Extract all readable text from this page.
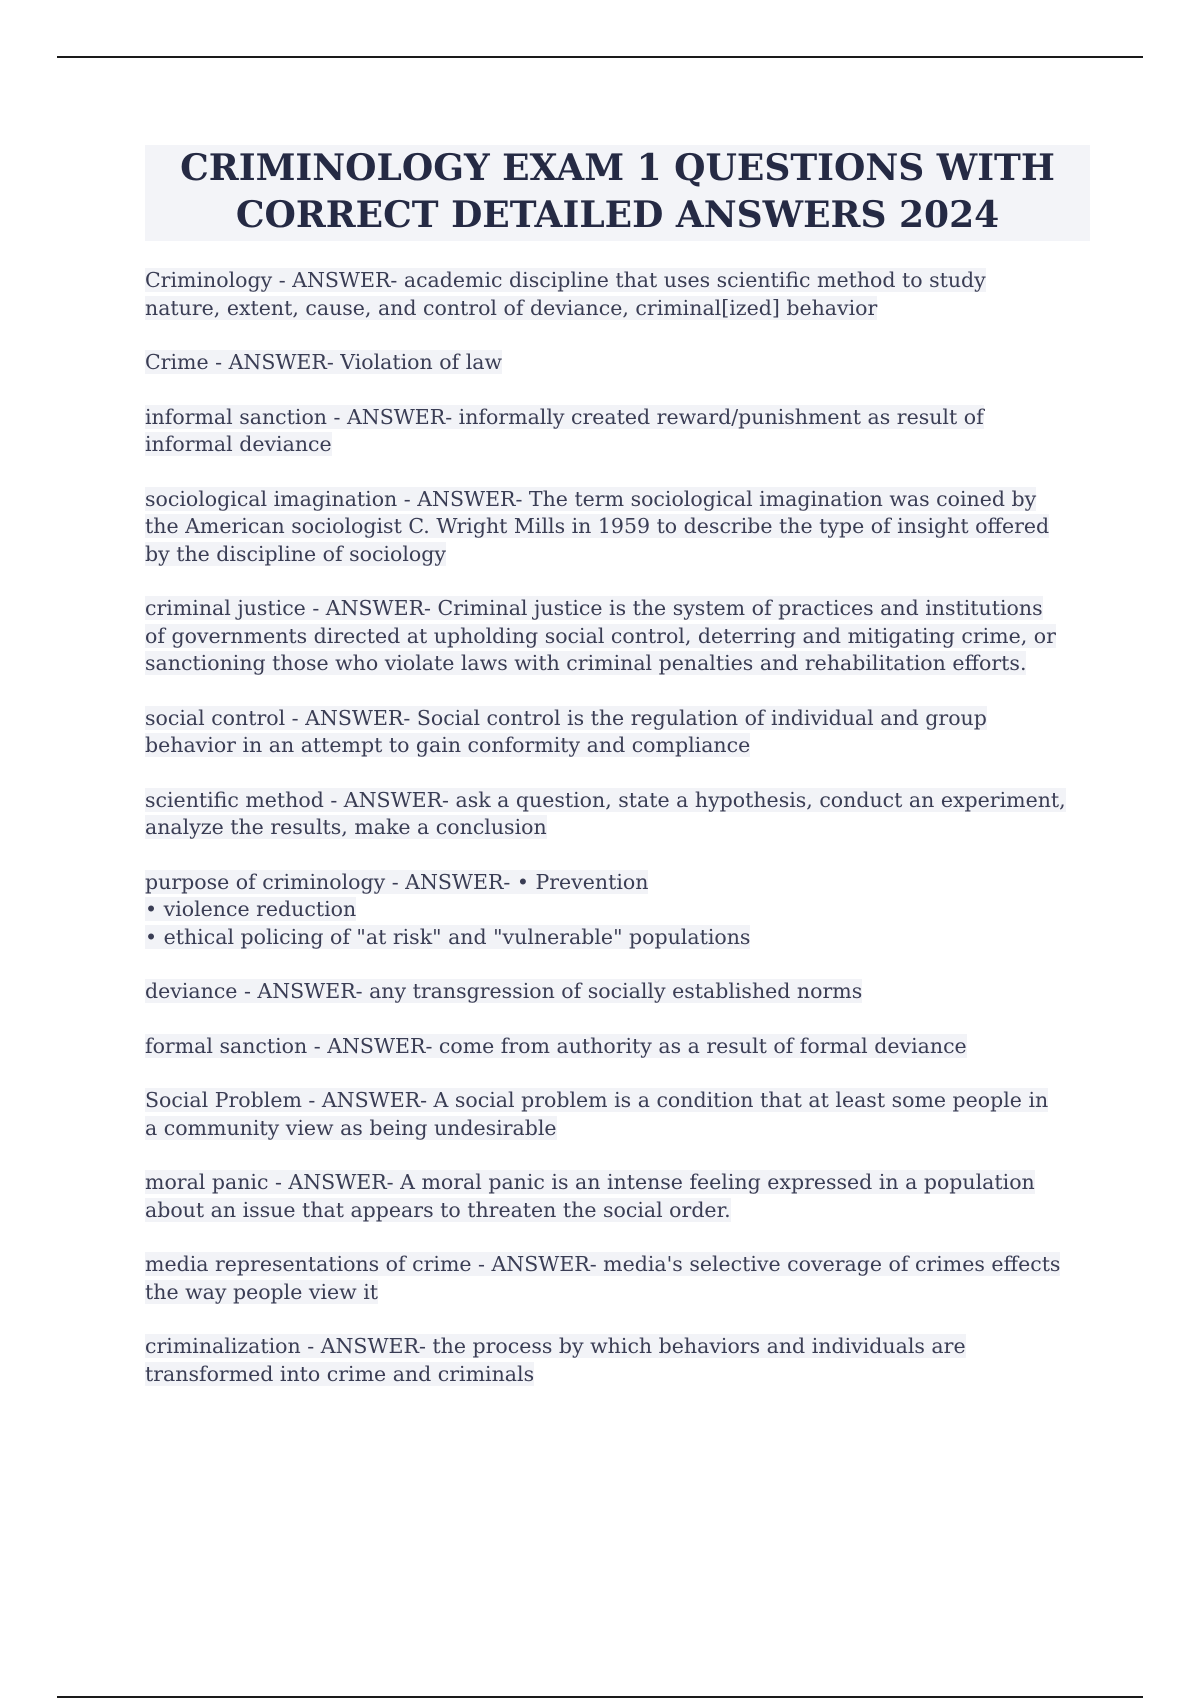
CRIMINOLOGY EXAM 1 QUESTIONS WITH
CORRECT DETAILED ANSWERS 2024
Criminology - ANSWER- academic discipline that uses scientific method to study
nature, extent, cause, and control of deviance, criminal[ized] behavior
Crime - ANSWER- Violation of law
informal sanction - ANSWER- informally created reward/punishment as result of
informal deviance
sociological imagination - ANSWER- The term sociological imagination was coined by
the American sociologist C. Wright Mills in 1959 to describe the type of insight offered
by the discipline of sociology
criminal justice - ANSWER- Criminal justice is the system of practices and institutions
of governments directed at upholding social control, deterring and mitigating crime, or
sanctioning those who violate laws with criminal penalties and rehabilitation efforts.
social control - ANSWER- Social control is the regulation of individual and group
behavior in an attempt to gain conformity and compliance
scientific method - ANSWER- ask a question, state a hypothesis, conduct an experiment,
analyze the results, make a conclusion
purpose of criminology - ANSWER- • Prevention
• violence reduction
• ethical policing of "at risk" and "vulnerable" populations
deviance - ANSWER- any transgression of socially established norms
formal sanction - ANSWER- come from authority as a result of formal deviance
Social Problem - ANSWER- A social problem is a condition that at least some people in
a community view as being undesirable
moral panic - ANSWER- A moral panic is an intense feeling expressed in a population
about an issue that appears to threaten the social order.
media representations of crime - ANSWER- media's selective coverage of crimes effects
the way people view it
criminalization - ANSWER- the process by which behaviors and individuals are
transformed into crime and criminals
